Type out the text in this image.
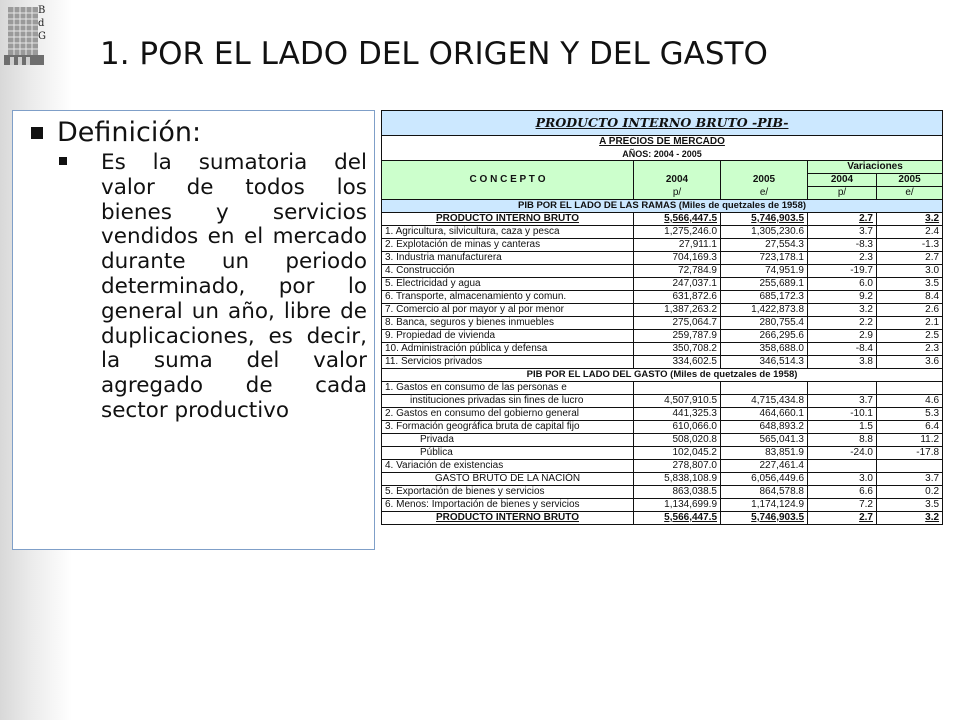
B
d
G 1. POR EL LADO DEL ORIGEN Y DEL GASTO
Definición:
Es la sumatoria del valor de todos los bienes y servicios vendidos en el mercado durante un periodo determinado, por lo general un año, libre de duplicaciones, es decir, la suma del valor agregado de cada sector productivo
PRODUCTO INTERNO BRUTO -PIB-				
A PRECIOS DE MERCADO				
AÑOS: 2004 - 2005				
C O N C E P T O			Variaciones	
	2004	2005	2004	2005
	p/	e/	p/	e/
PIB POR EL LADO DE LAS RAMAS (Miles de quetzales de 1958)				
PRODUCTO INTERNO BRUTO	5,566,447.5	5,746,903.5	2.7	3.2
1. Agricultura, silvicultura, caza y pesca	1,275,246.0	1,305,230.6	3.7	2.4
2. Explotación de minas y canteras	27,911.1	27,554.3	-8.3	-1.3
3. Industria manufacturera	704,169.3	723,178.1	2.3	2.7
4. Construcción	72,784.9	74,951.9	-19.7	3.0
5. Electricidad y agua	247,037.1	255,689.1	6.0	3.5
6. Transporte, almacenamiento y comun.	631,872.6	685,172.3	9.2	8.4
7. Comercio al por mayor y al por menor	1,387,263.2	1,422,873.8	3.2	2.6
8. Banca, seguros y bienes inmuebles	275,064.7	280,755.4	2.2	2.1
9. Propiedad de vivienda	259,787.9	266,295.6	2.9	2.5
10. Administración pública y defensa	350,708.2	358,688.0	-8.4	2.3
11. Servicios privados	334,602.5	346,514.3	3.8	3.6
PIB POR EL LADO DEL GASTO (Miles de quetzales de 1958)				
1. Gastos en consumo de las personas e				
instituciones privadas sin fines de lucro	4,507,910.5	4,715,434.8	3.7	4.6
2. Gastos en consumo del gobierno general	441,325.3	464,660.1	-10.1	5.3
3. Formación geográfica bruta de capital fijo	610,066.0	648,893.2	1.5	6.4
Privada	508,020.8	565,041.3	8.8	11.2
Pública	102,045.2	83,851.9	-24.0	-17.8
4. Variación de existencias	278,807.0	227,461.4		
GASTO BRUTO DE LA NACIÓN	5,838,108.9	6,056,449.6	3.0	3.7
5. Exportación de bienes y servicios	863,038.5	864,578.8	6.6	0.2
6. Menos: Importación de bienes y servicios	1,134,699.9	1,174,124.9	7.2	3.5
PRODUCTO INTERNO BRUTO	5,566,447.5	5,746,903.5	2.7	3.2
